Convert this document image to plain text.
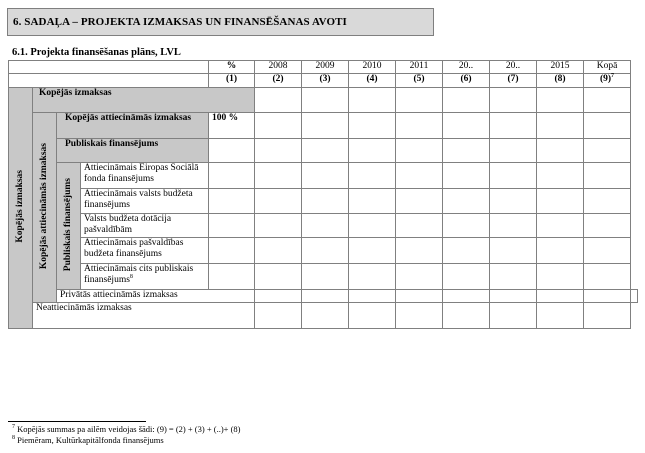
6. SADAĻA – PROJEKTA IZMAKSAS UN FINANSĒŠANAS AVOTI
6.1. Projekta finansēšanas plāns, LVL
				%	2008	2009	2010	2011	20..	20..	2015	Kopā	
				(1)	(2)	(3)	(4)	(5)	(6)	(7)	(8)	$(9)^7$
Kopējās izmaksas	Kopējās izmaksas												
	Kopējās attiecināmās izmaksas	Kopējās attiecināmās izmaksas		100 %									
		Publiskais finansējums											
		Publiskais finansējums	Attiecināmais Eiropas Sociālā fonda finansējums										
			Attiecināmais valsts budžeta finansējums										
			Valsts budžeta dotācija pašvaldībām										
			Attiecināmais pašvaldības budžeta finansējums										
			Attiecināmais cits publiskais finansējums$^8$									
		Privātās attiecināmās izmaksas											
	Neattiecināmās izmaksas												
$^7$ Kopējās summas pa ailēm veidojas šādi: (9) = (2) + (3) + (..)+ (8)
$^8$ Piemēram, Kultūrkapitālfonda finansējums
